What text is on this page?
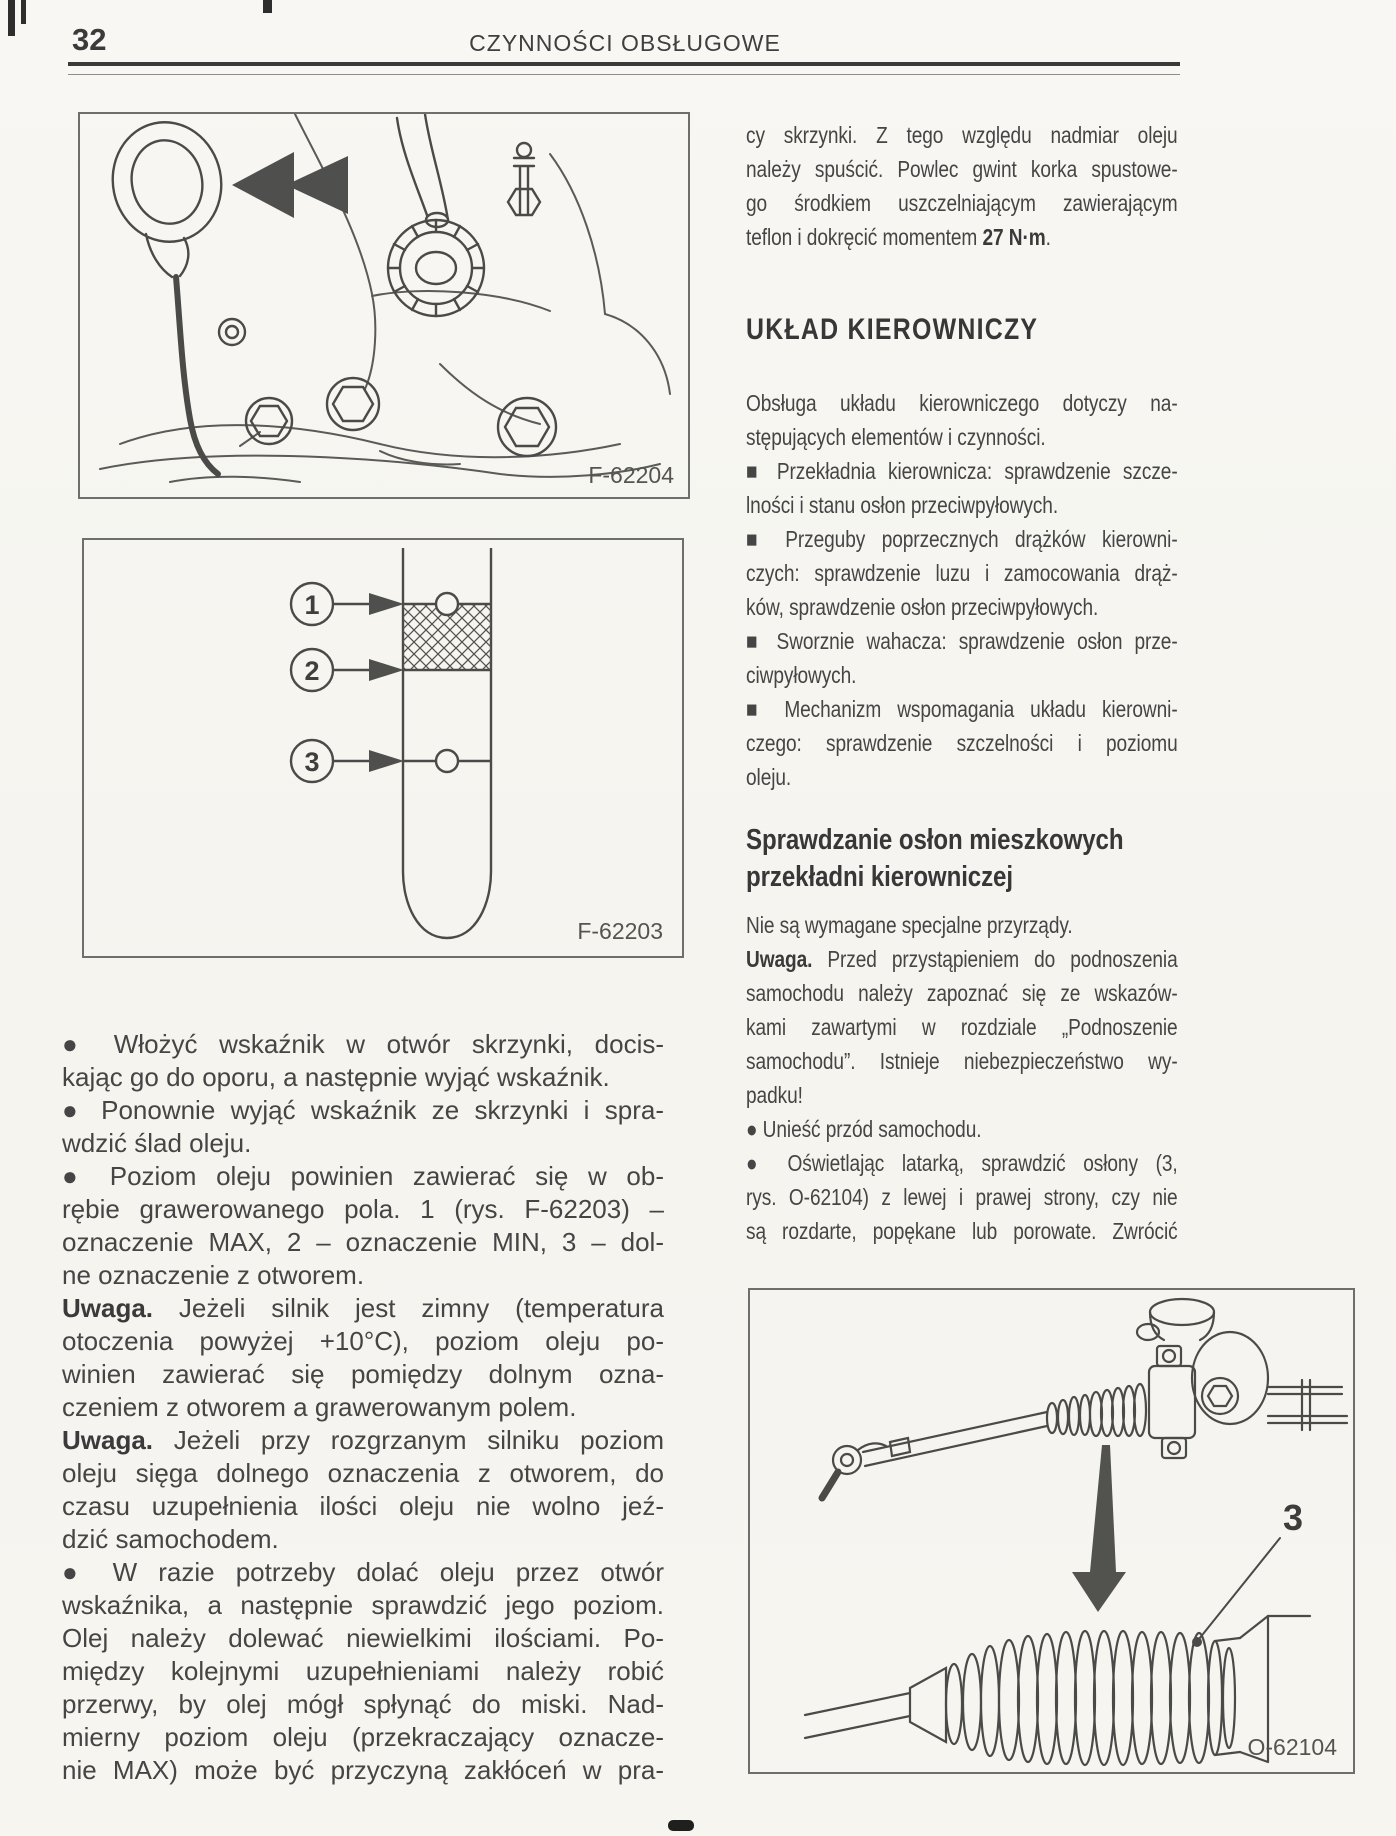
32	CZYNNOŚCI OBSŁUGOWE
F-62204
1
2
3
F-62203
● Włożyć wskaźnik w otwór skrzynki, docis-
kając go do oporu, a następnie wyjąć wskaźnik.
● Ponownie wyjąć wskaźnik ze skrzynki i spra-
wdzić ślad oleju.
● Poziom oleju powinien zawierać się w ob-
rębie grawerowanego pola. 1 (rys. F-62203) –
oznaczenie MAX, 2 – oznaczenie MIN, 3 – dol-
ne oznaczenie z otworem.
Uwaga. Jeżeli silnik jest zimny (temperatura
otoczenia powyżej +10°C), poziom oleju po-
winien zawierać się pomiędzy dolnym ozna-
czeniem z otworem a grawerowanym polem.
Uwaga. Jeżeli przy rozgrzanym silniku poziom
oleju sięga dolnego oznaczenia z otworem, do
czasu uzupełnienia ilości oleju nie wolno jeź-
dzić samochodem.
● W razie potrzeby dolać oleju przez otwór
wskaźnika, a następnie sprawdzić jego poziom.
Olej należy dolewać niewielkimi ilościami. Po-
między kolejnymi uzupełnieniami należy robić
przerwy, by olej mógł spłynąć do miski. Nad-
mierny poziom oleju (przekraczający oznacze-
nie MAX) może być przyczyną zakłóceń w pra-
cy skrzynki. Z tego względu nadmiar oleju
należy spuścić. Powlec gwint korka spustowe-
go środkiem uszczelniającym zawierającym
teflon i dokręcić momentem 27 N·m.
UKŁAD KIEROWNICZY
Obsługa układu kierowniczego dotyczy na-
stępujących elementów i czynności.
■ Przekładnia kierownicza: sprawdzenie szcze-
lności i stanu osłon przeciwpyłowych.
■ Przeguby poprzecznych drążków kierowni-
czych: sprawdzenie luzu i zamocowania drąż-
ków, sprawdzenie osłon przeciwpyłowych.
■ Sworznie wahacza: sprawdzenie osłon prze-
ciwpyłowych.
■ Mechanizm wspomagania układu kierowni-
czego: sprawdzenie szczelności i poziomu
oleju.
Sprawdzanie osłon mieszkowych
przekładni kierowniczej
Nie są wymagane specjalne przyrządy.
Uwaga. Przed przystąpieniem do podnoszenia
samochodu należy zapoznać się ze wskazów-
kami zawartymi w rozdziale „Podnoszenie
samochodu”. Istnieje niebezpieczeństwo wy-
padku!
● Unieść przód samochodu.
● Oświetlając latarką, sprawdzić osłony (3,
rys. O-62104) z lewej i prawej strony, czy nie
są rozdarte, popękane lub porowate. Zwrócić
3
O-62104
